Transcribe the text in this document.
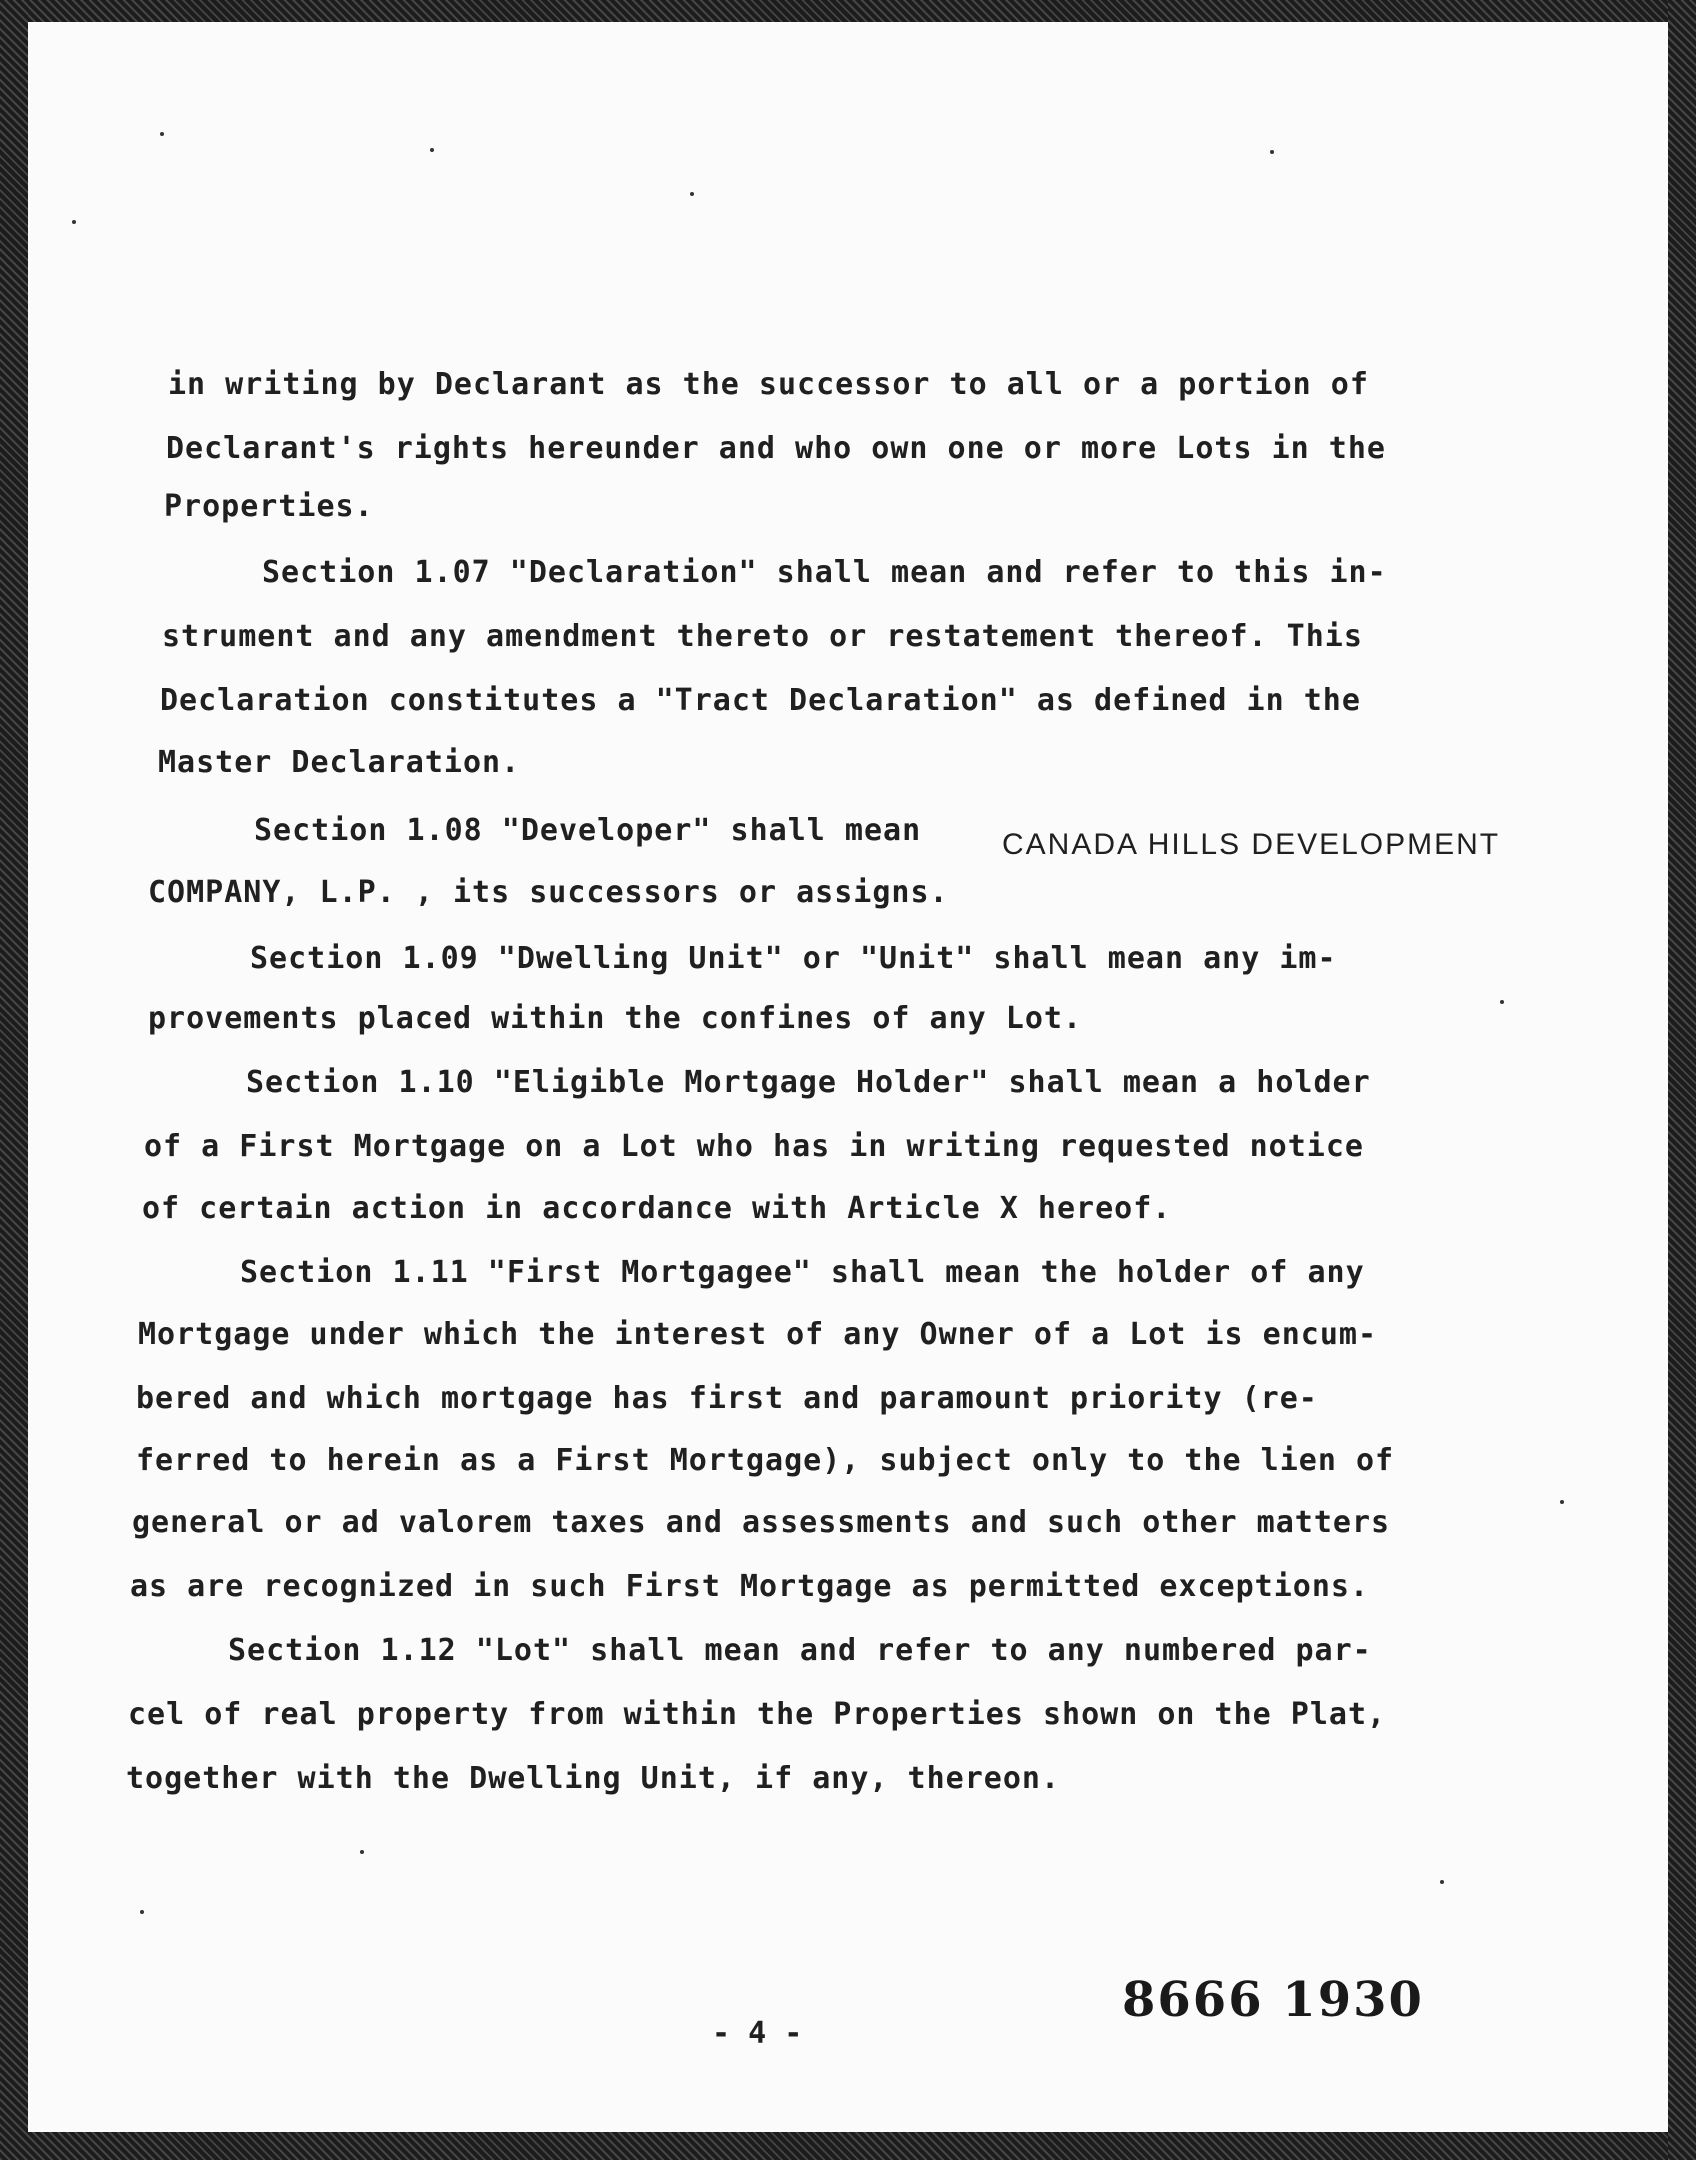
in writing by Declarant as the successor to all or a portion of

Declarant's rights hereunder and who own one or more Lots in the

Properties.

Section 1.07 "Declaration" shall mean and refer to this in-

strument and any amendment thereto or restatement thereof. This

Declaration constitutes a "Tract Declaration" as defined in the

Master Declaration.

Section 1.08 "Developer" shall mean	CANADA HILLS DEVELOPMENT

COMPANY, L.P. , its successors or assigns.

Section 1.09 "Dwelling Unit" or "Unit" shall mean any im-

provements placed within the confines of any Lot.

Section 1.10 "Eligible Mortgage Holder" shall mean a holder

of a First Mortgage on a Lot who has in writing requested notice

of certain action in accordance with Article X hereof.

Section 1.11 "First Mortgagee" shall mean the holder of any

Mortgage under which the interest of any Owner of a Lot is encum-

bered and which mortgage has first and paramount priority (re-

ferred to herein as a First Mortgage), subject only to the lien of

general or ad valorem taxes and assessments and such other matters

as are recognized in such First Mortgage as permitted exceptions.

Section 1.12 "Lot" shall mean and refer to any numbered par-

cel of real property from within the Properties shown on the Plat,

together with the Dwelling Unit, if any, thereon.

- 4 -
8666 1930
